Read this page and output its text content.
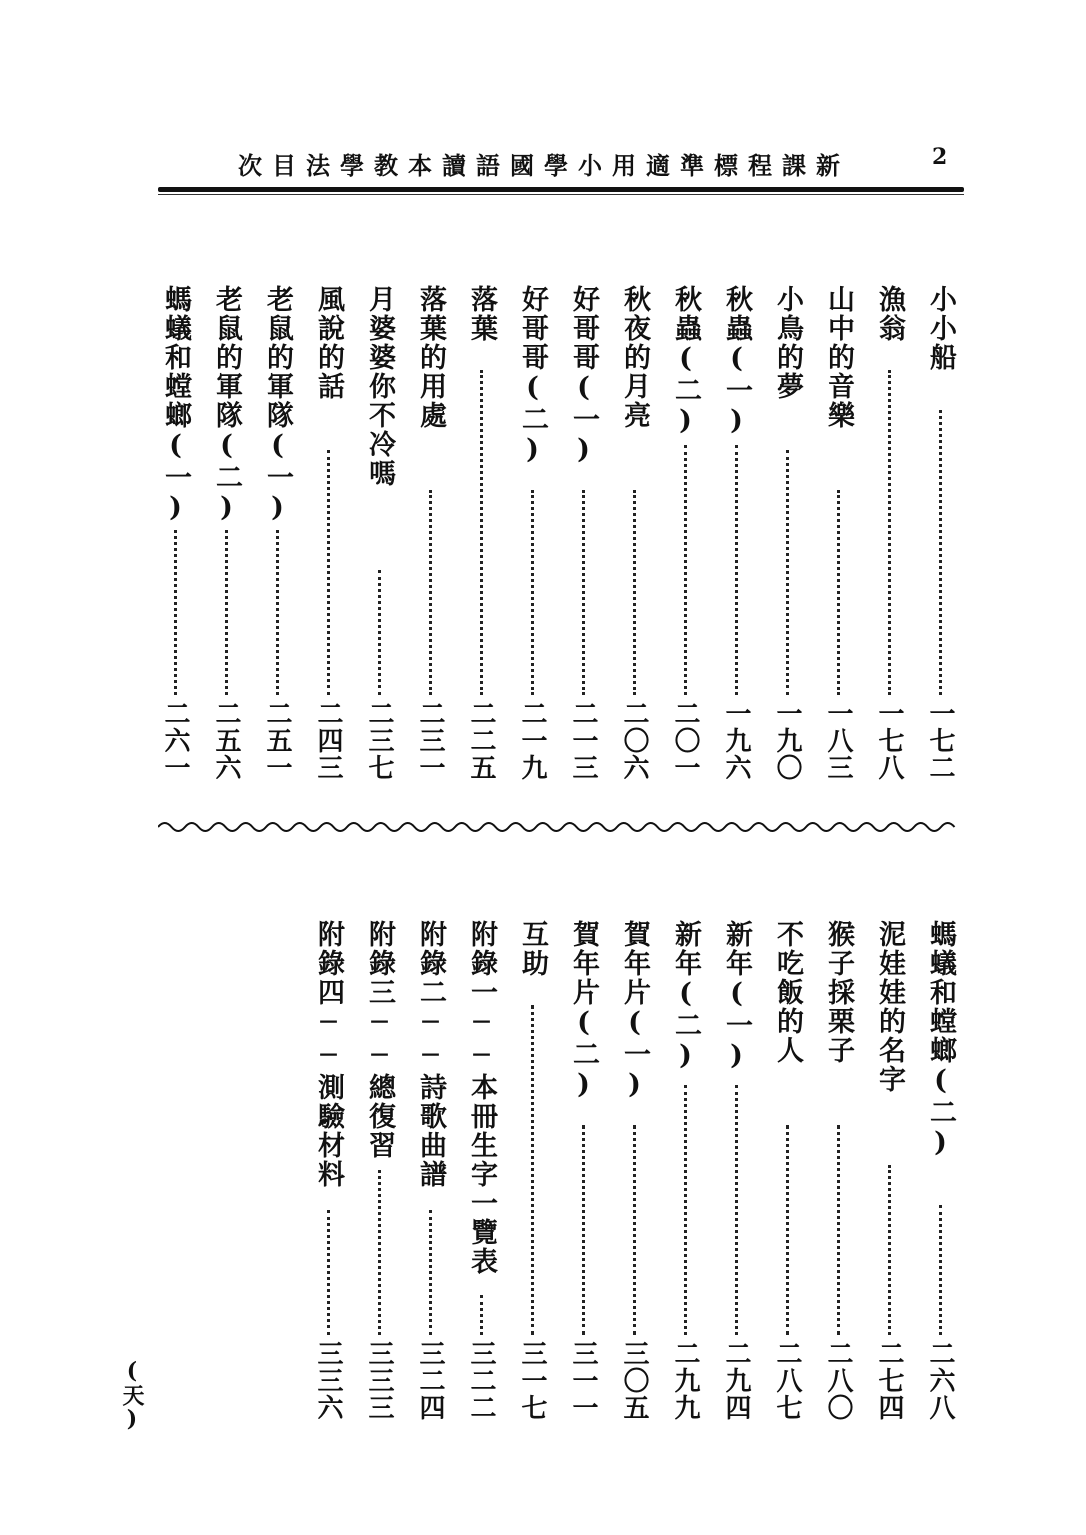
新課程標準適用小學國語讀本教學法目次	2
小小船
一七二
漁翁
一七八
山中的音樂
一八三
小鳥的夢
一九〇
秋蟲(一)
一九六
秋蟲(二)
二〇一
秋夜的月亮
二〇六
好哥哥(一)
二一三
好哥哥(二)
二一九
落葉
二二五
落葉的用處
二三一
月婆婆你不冷嗎
二三七
風說的話
二四三
老鼠的軍隊(一)
二五一
老鼠的軍隊(二)
二五六
螞蟻和螳螂(一)
二六一
螞蟻和螳螂(二)
二六八
泥娃娃的名字
二七四
猴子採栗子
二八〇
不吃飯的人
二八七
新年(一)
二九四
新年(二)
二九九
賀年片(一)
三〇五
賀年片(二)
三一一
互助
三一七
附錄一──本冊生字一覽表
三二二
附錄二──詩歌曲譜
三二四
附錄三──總復習
三三三
附錄四──測驗材料
三三六
(天)
